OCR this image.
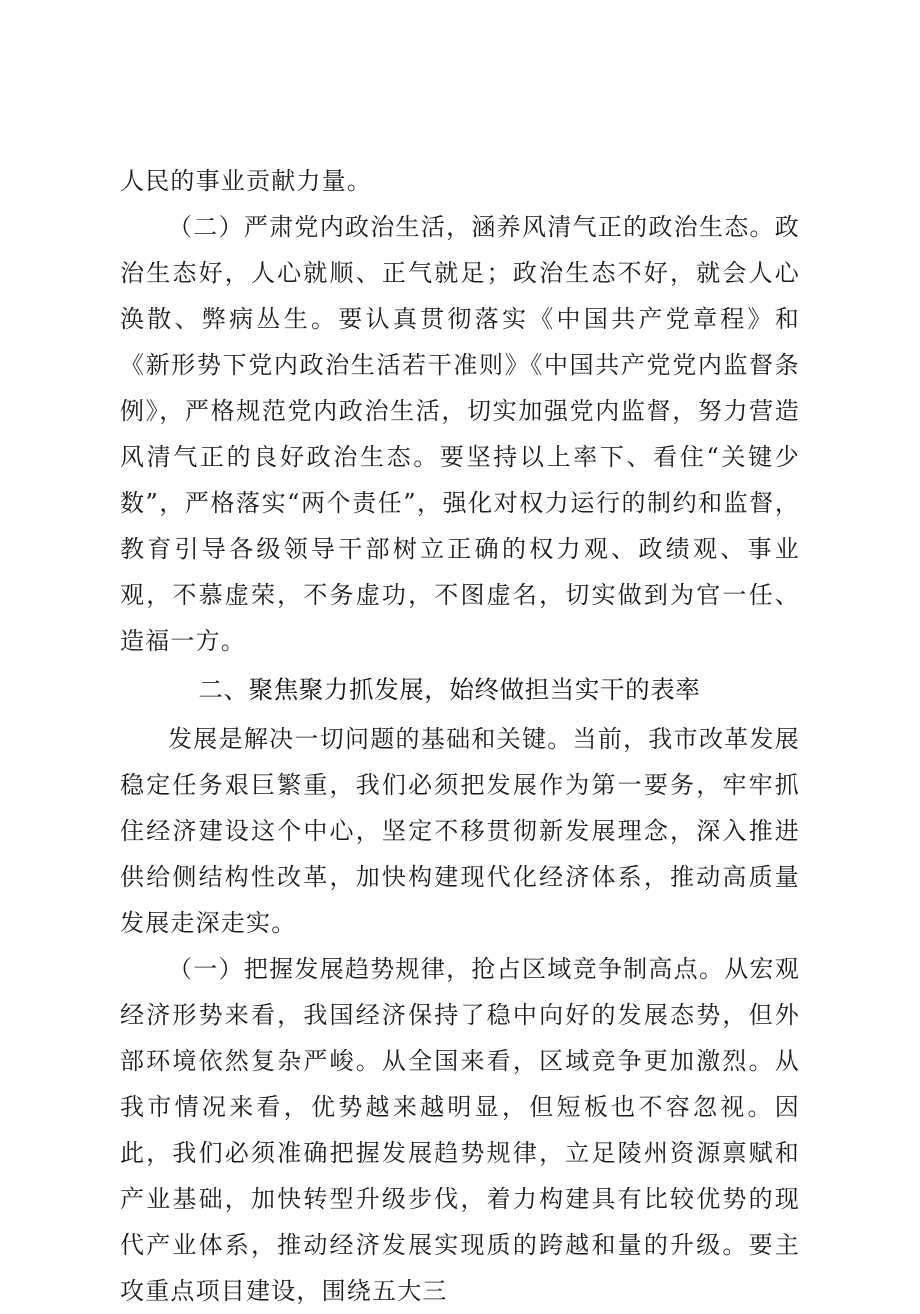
人民的事业贡献力量。

（二）严肃党内政治生活，涵养风清气正的政治生态。政治生态好，人心就顺、正气就足；政治生态不好，就会人心涣散、弊病丛生。要认真贯彻落实《中国共产党章程》和《新形势下党内政治生活若干准则》《中国共产党党内监督条例》，严格规范党内政治生活，切实加强党内监督，努力营造风清气正的良好政治生态。要坚持以上率下、看住“关键少数”，严格落实“两个责任”，强化对权力运行的制约和监督，教育引导各级领导干部树立正确的权力观、政绩观、事业观，不慕虚荣，不务虚功，不图虚名，切实做到为官一任、造福一方。

二、聚焦聚力抓发展，始终做担当实干的表率

发展是解决一切问题的基础和关键。当前，我市改革发展稳定任务艰巨繁重，我们必须把发展作为第一要务，牢牢抓住经济建设这个中心，坚定不移贯彻新发展理念，深入推进供给侧结构性改革，加快构建现代化经济体系，推动高质量发展走深走实。

（一）把握发展趋势规律，抢占区域竞争制高点。从宏观经济形势来看，我国经济保持了稳中向好的发展态势，但外部环境依然复杂严峻。从全国来看，区域竞争更加激烈。从我市情况来看，优势越来越明显，但短板也不容忽视。因此，我们必须准确把握发展趋势规律，立足陵州资源禀赋和产业基础，加快转型升级步伐，着力构建具有比较优势的现代产业体系，推动经济发展实现质的跨越和量的升级。要主攻重点项目建设，围绕五大三
